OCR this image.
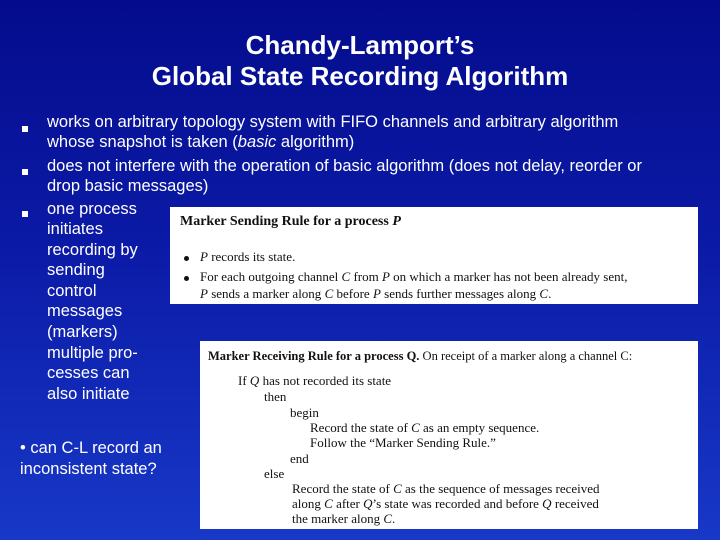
Chandy-Lamport’s
Global State Recording Algorithm
works on arbitrary topology system with FIFO channels and arbitrary algorithm
whose snapshot is taken (basic algorithm)
does not interfere with the operation of basic algorithm (does not delay, reorder or
drop basic messages)
one process
initiates
recording by
sending
control
messages
(markers)
multiple pro-
cesses can
also initiate
• can C-L record an
inconsistent state?
Marker Sending Rule for a process P
P records its state.
For each outgoing channel C from P on which a marker has not been already sent,
P sends a marker along C before P sends further messages along C.
Marker Receiving Rule for a process Q. On receipt of a marker along a channel C:
If Q has not recorded its state
then
begin
Record the state of C as an empty sequence.
Follow the “Marker Sending Rule.”
end
else
Record the state of C as the sequence of messages received
along C after Q’s state was recorded and before Q received
the marker along C.
